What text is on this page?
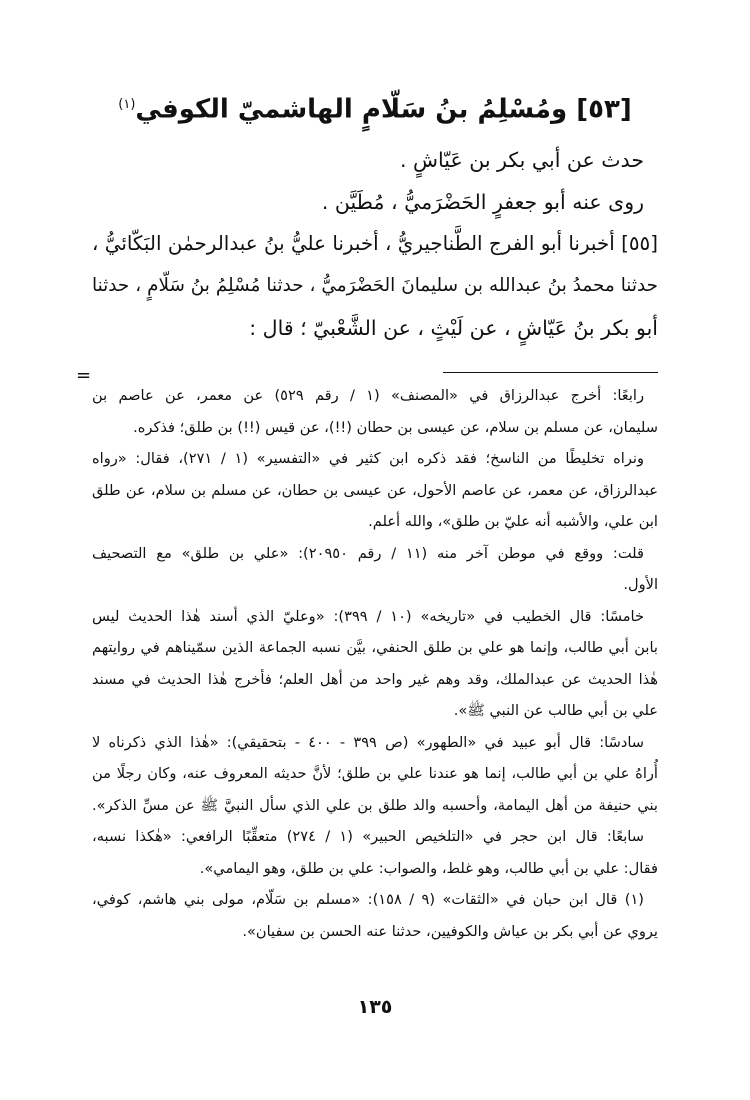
[٥٣] ومُسْلِمُ بنُ سَلّامٍ الهاشميّ الكوفي$^{(١)}$

حدث عن أبي بكر بن عَيّاشٍ .

روى عنه أبو جعفرٍ الحَضْرَميُّ ، مُطَيَّن .

[٥٥] أخبرنا أبو الفرج الطَّناجيريُّ ، أخبرنا عليُّ بنُ عبدالرحمٰن البَكّائيُّ ،

حدثنا محمدُ بنُ عبدالله بن سليمانَ الحَضْرَميُّ ، حدثنا مُسْلِمُ بنُ سَلّامٍ ، حدثنا

أبو بكر بنُ عَيّاشٍ ، عن لَيْثٍ ، عن الشَّعْبيّ ؛ قال :

=

رابعًا: أخرج عبدالرزاق في «المصنف» (١ / رقم ٥٢٩) عن معمر، عن عاصم بن

سليمان، عن مسلم بن سلام، عن عيسى بن حطان (!!)، عن قيس (!!) بن طلق؛ فذكره.

ونراه تخليطًا من الناسخ؛ فقد ذكره ابن كثير في «التفسير» (١ / ٢٧١)، فقال: «رواه

عبدالرزاق، عن معمر، عن عاصم الأحول، عن عيسى بن حطان، عن مسلم بن سلام، عن طلق

ابن علي، والأشبه أنه عليّ بن طلق»، والله أعلم.

قلت: ووقع في موطن آخر منه (١١ / رقم ٢٠٩٥٠): «علي بن طلق» مع التصحيف

الأول.

خامسًا: قال الخطيب في «تاريخه» (١٠ / ٣٩٩): «وعليّ الذي أسند هٰذا الحديث ليس

بابن أبي طالب، وإنما هو علي بن طلق الحنفي، بيَّن نسبه الجماعة الذين سمّيناهم في روايتهم

هٰذا الحديث عن عبدالملك، وقد وهم غير واحد من أهل العلم؛ فأخرج هٰذا الحديث في مسند

علي بن أبي طالب عن النبي ﷺ».

سادسًا: قال أبو عبيد في «الطهور» (ص ٣٩٩ - ٤٠٠ - بتحقيقي): «هٰذا الذي ذكرناه لا

أُراهُ علي بن أبي طالب، إنما هو عندنا علي بن طلق؛ لأنَّ حديثه المعروف عنه، وكان رجلًا من

بني حنيفة من أهل اليمامة، وأحسبه والد طلق بن علي الذي سأل النبيَّ ﷺ عن مسِّ الذكر».

سابعًا: قال ابن حجر في «التلخيص الحبير» (١ / ٢٧٤) متعقِّبًا الرافعي: «هٰكذا نسبه،

فقال: علي بن أبي طالب، وهو غلط، والصواب: علي بن طلق، وهو اليمامي».

(١) قال ابن حبان في «الثقات» (٩ / ١٥٨): «مسلم بن سَلّام، مولى بني هاشم، كوفي،

يروي عن أبي بكر بن عياش والكوفيين، حدثنا عنه الحسن بن سفيان».

١٣٥
